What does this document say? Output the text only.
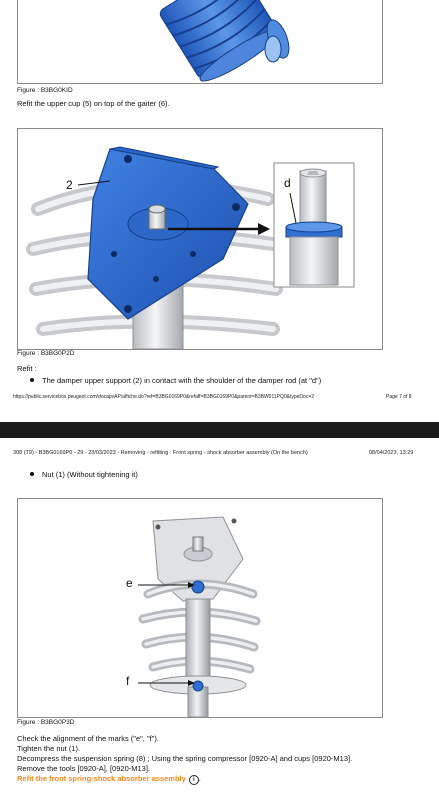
Figure : B3BG0KID
Refit the upper cup (5) on top of the gaiter (6).
2	d
Figure : B3BG0P2D
Refit :
The damper upper support (2) in contact with the shoulder of the damper rod (at "d")
https://public.servicebox.peugeot.com/docapvAP/affiche.do?ref=B3BG0169P0&refaff=B3BG0169P0&parent=B3BW011PQ0&typeDoc=2	Page 7 of 8
308 (T9) - B3BG0169P0 - 29 - 23/03/2023 - Removing - refitting : Front spring - shock absorber assembly (On the bench)	08/04/2023, 13:29
Nut (1) (Without tightening it)
e
f
Figure : B3BG0P3D
Check the alignment of the marks ("e", "f").
Tighten the nut (1).
Decompress the suspension spring (8) ; Using the spring compressor [0920-A] and cups [0920-M13].
Remove the tools [0920-A], [0920-M13].
Refit the front spring-shock absorber assembly i .
